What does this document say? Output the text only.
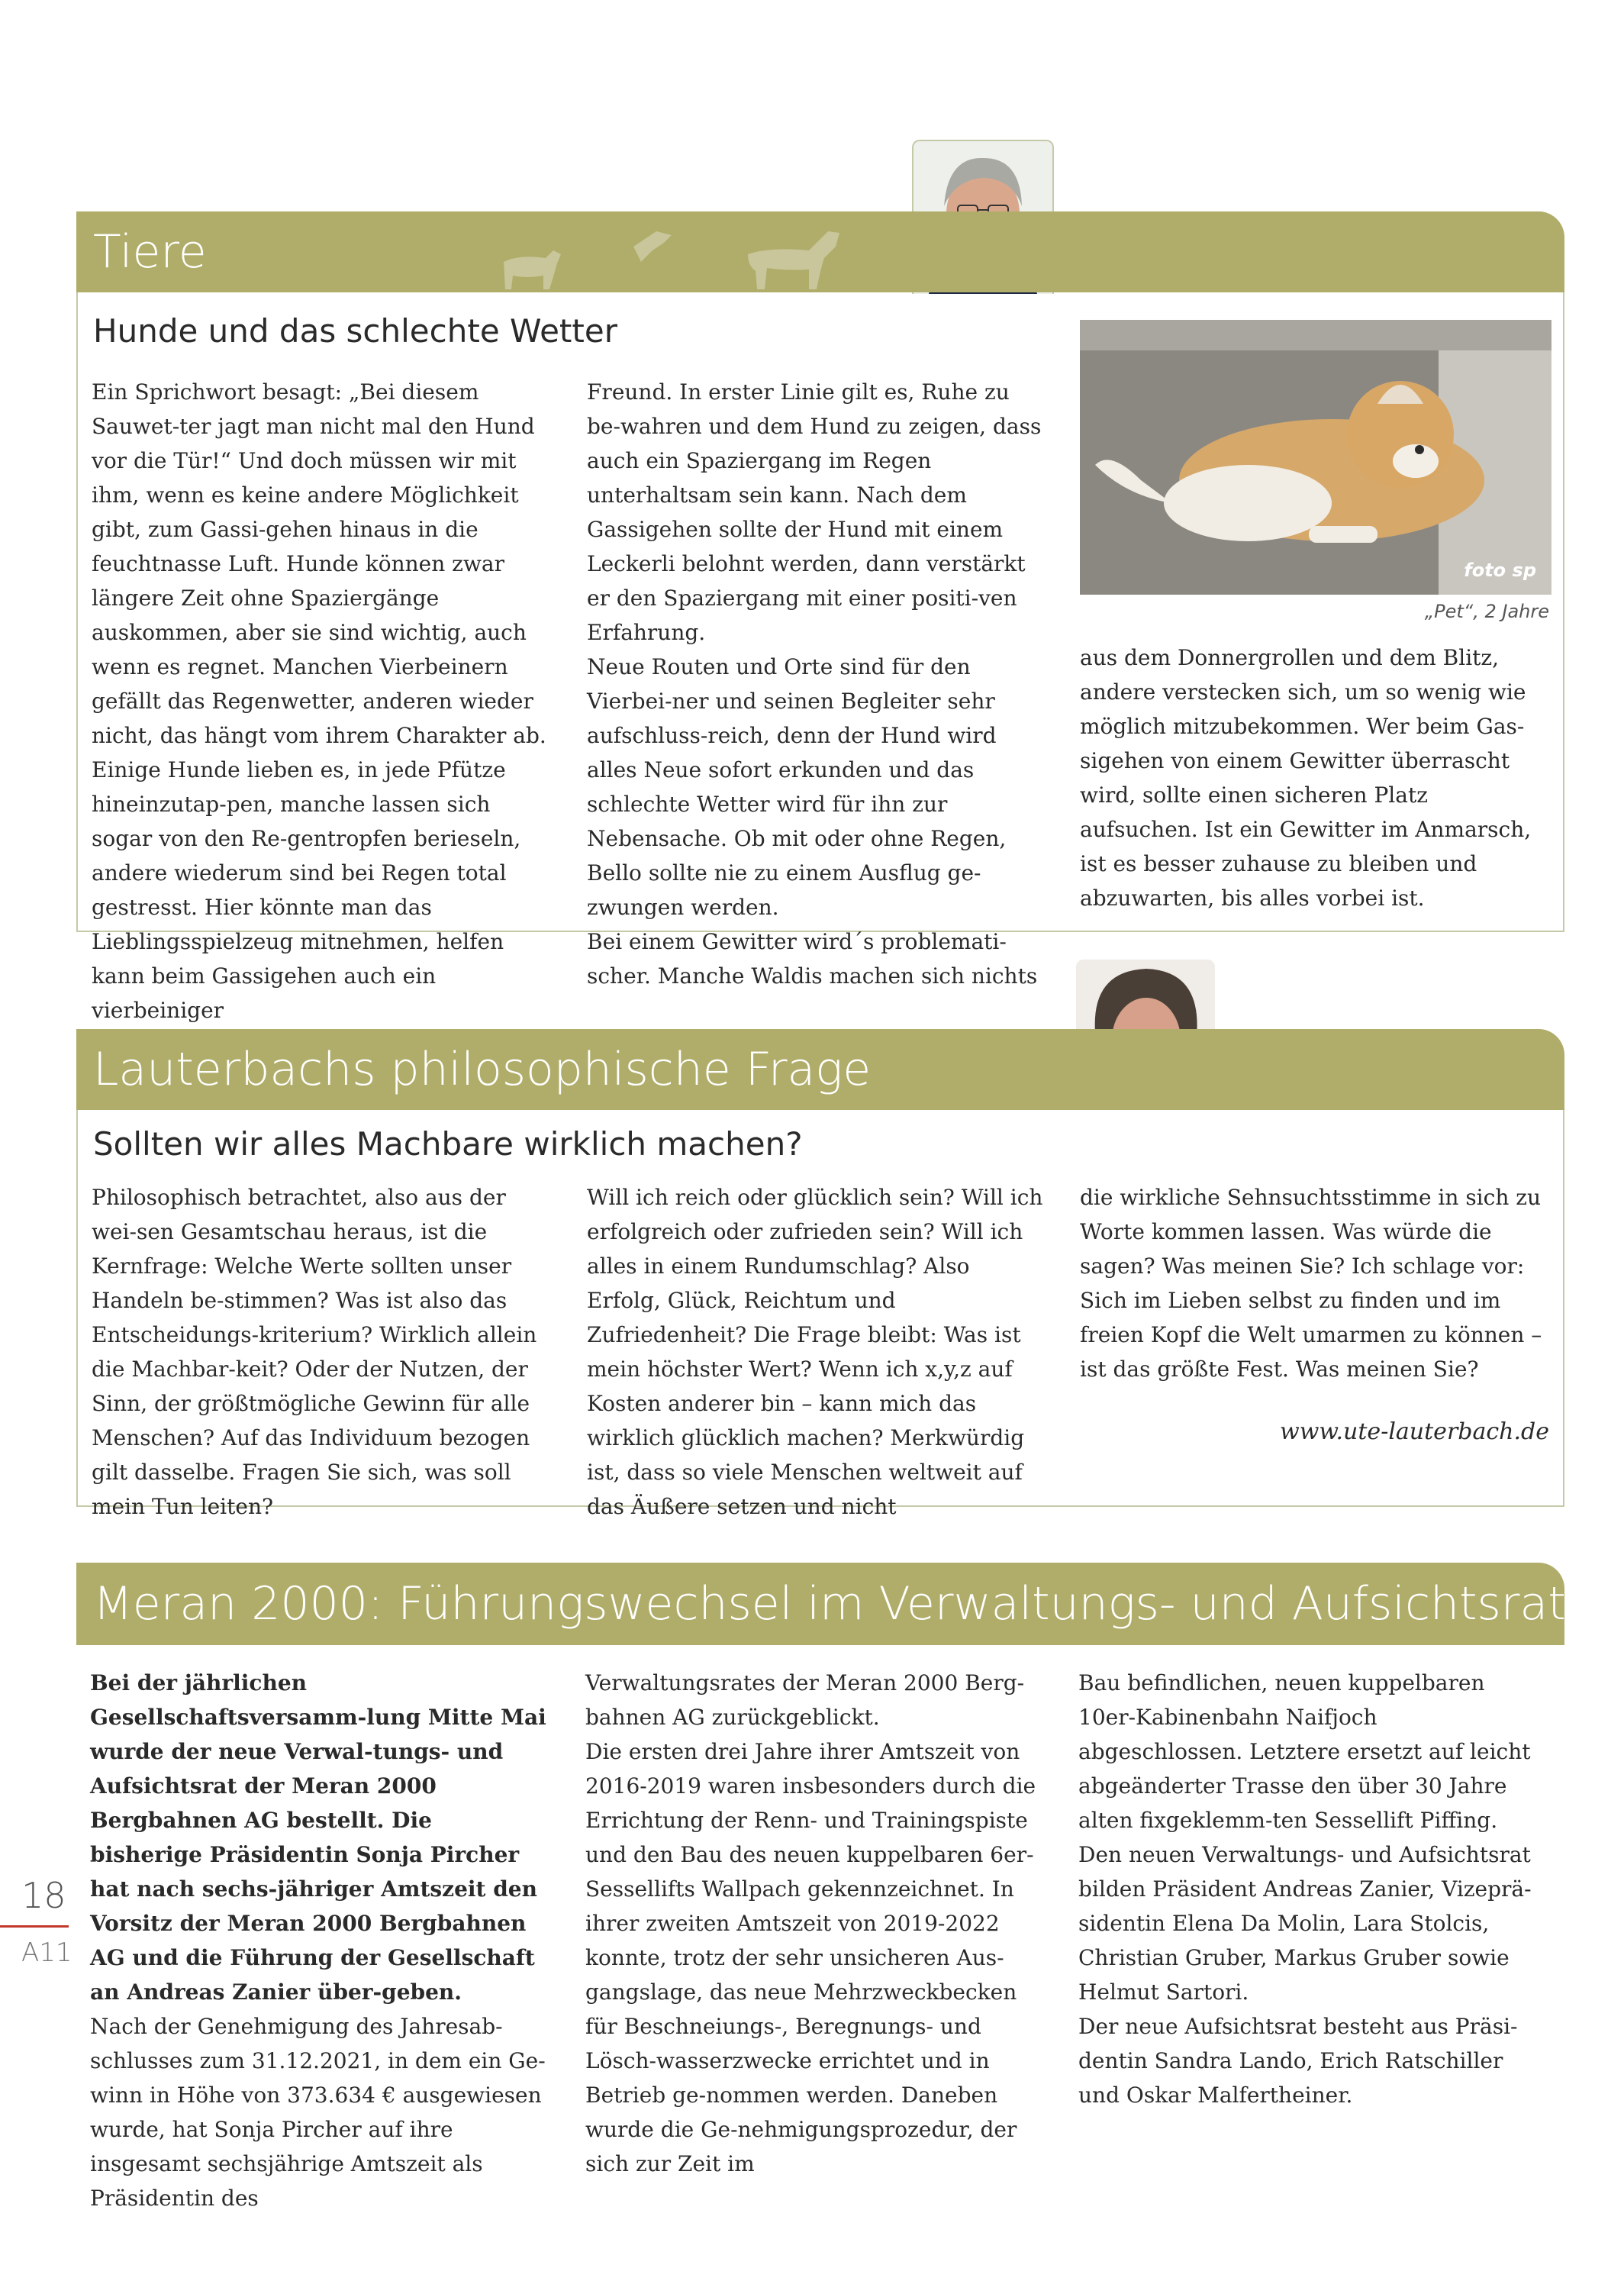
Tiere
Hunde und das schlechte Wetter

Ein Sprichwort besagt: „Bei diesem Sauwet-ter jagt man nicht mal den Hund vor die Tür!“ Und doch müssen wir mit ihm, wenn es keine andere Möglichkeit gibt, zum Gassi-gehen hinaus in die feuchtnasse Luft. Hunde können zwar längere Zeit ohne Spaziergänge auskommen, aber sie sind wichtig, auch wenn es regnet. Manchen Vierbeinern gefällt das Regenwetter, anderen wieder nicht, das hängt vom ihrem Charakter ab. Einige Hunde lieben es, in jede Pfütze hineinzutap-pen, manche lassen sich sogar von den Re-gentropfen berieseln, andere wiederum sind bei Regen total gestresst. Hier könnte man das Lieblingsspielzeug mitnehmen, helfen kann beim Gassigehen auch ein vierbeiniger

Freund. In erster Linie gilt es, Ruhe zu be-wahren und dem Hund zu zeigen, dass auch ein Spaziergang im Regen unterhaltsam sein kann. Nach dem Gassigehen sollte der Hund mit einem Leckerli belohnt werden, dann verstärkt er den Spaziergang mit einer positi-ven Erfahrung.

Neue Routen und Orte sind für den Vierbei-ner und seinen Begleiter sehr aufschluss-reich, denn der Hund wird alles Neue sofort erkunden und das schlechte Wetter wird für ihn zur Nebensache. Ob mit oder ohne Regen, Bello sollte nie zu einem Ausflug ge-zwungen werden.

Bei einem Gewitter wird´s problemati-scher. Manche Waldis machen sich nichts

foto sp
„Pet“, 2 Jahre

aus dem Donnergrollen und dem Blitz, andere verstecken sich, um so wenig wie möglich mitzubekommen. Wer beim Gas-sigehen von einem Gewitter überrascht wird, sollte einen sicheren Platz aufsuchen. Ist ein Gewitter im Anmarsch, ist es besser zuhause zu bleiben und abzuwarten, bis alles vorbei ist.

Lauterbachs philosophische Frage
Sollten wir alles Machbare wirklich machen?

Philosophisch betrachtet, also aus der wei-sen Gesamtschau heraus, ist die Kernfrage: Welche Werte sollten unser Handeln be-stimmen? Was ist also das Entscheidungs-kriterium? Wirklich allein die Machbar-keit? Oder der Nutzen, der Sinn, der größtmögliche Gewinn für alle Menschen? Auf das Individuum bezogen gilt dasselbe. Fragen Sie sich, was soll mein Tun leiten?

Will ich reich oder glücklich sein? Will ich erfolgreich oder zufrieden sein? Will ich alles in einem Rundumschlag? Also Erfolg, Glück, Reichtum und Zufriedenheit? Die Frage bleibt: Was ist mein höchster Wert? Wenn ich x,y,z auf Kosten anderer bin – kann mich das wirklich glücklich machen? Merkwürdig ist, dass so viele Menschen weltweit auf das Äußere setzen und nicht

die wirkliche Sehnsuchtsstimme in sich zu Worte kommen lassen. Was würde die sagen? Was meinen Sie? Ich schlage vor: Sich im Lieben selbst zu finden und im freien Kopf die Welt umarmen zu können – ist das größte Fest. Was meinen Sie?

www.ute-lauterbach.de
Meran 2000: Führungswechsel im Verwaltungs- und Aufsichtsrat

Bei der jährlichen Gesellschaftsversamm-lung Mitte Mai wurde der neue Verwal-tungs- und Aufsichtsrat der Meran 2000 Bergbahnen AG bestellt. Die bisherige Präsidentin Sonja Pircher hat nach sechs-jähriger Amtszeit den Vorsitz der Meran 2000 Bergbahnen AG und die Führung der Gesellschaft an Andreas Zanier über-geben.

Nach der Genehmigung des Jahresab-schlusses zum 31.12.2021, in dem ein Ge-winn in Höhe von 373.634 € ausgewiesen wurde, hat Sonja Pircher auf ihre insgesamt sechsjährige Amtszeit als Präsidentin des

Verwaltungsrates der Meran 2000 Berg-bahnen AG zurückgeblickt.

Die ersten drei Jahre ihrer Amtszeit von 2016-2019 waren insbesonders durch die Errichtung der Renn- und Trainingspiste und den Bau des neuen kuppelbaren 6er-Sessellifts Wallpach gekennzeichnet. In ihrer zweiten Amtszeit von 2019-2022 konnte, trotz der sehr unsicheren Aus-gangslage, das neue Mehrzweckbecken für Beschneiungs-, Beregnungs- und Lösch-wasserzwecke errichtet und in Betrieb ge-nommen werden. Daneben wurde die Ge-nehmigungsprozedur, der sich zur Zeit im

Bau befindlichen, neuen kuppelbaren 10er-Kabinenbahn Naifjoch abgeschlossen. Letztere ersetzt auf leicht abgeänderter Trasse den über 30 Jahre alten fixgeklemm-ten Sessellift Piffing.

Den neuen Verwaltungs- und Aufsichtsrat bilden Präsident Andreas Zanier, Vizeprä-sidentin Elena Da Molin, Lara Stolcis, Christian Gruber, Markus Gruber sowie Helmut Sartori.

Der neue Aufsichtsrat besteht aus Präsi-dentin Sandra Lando, Erich Ratschiller und Oskar Malfertheiner.

18
A11
